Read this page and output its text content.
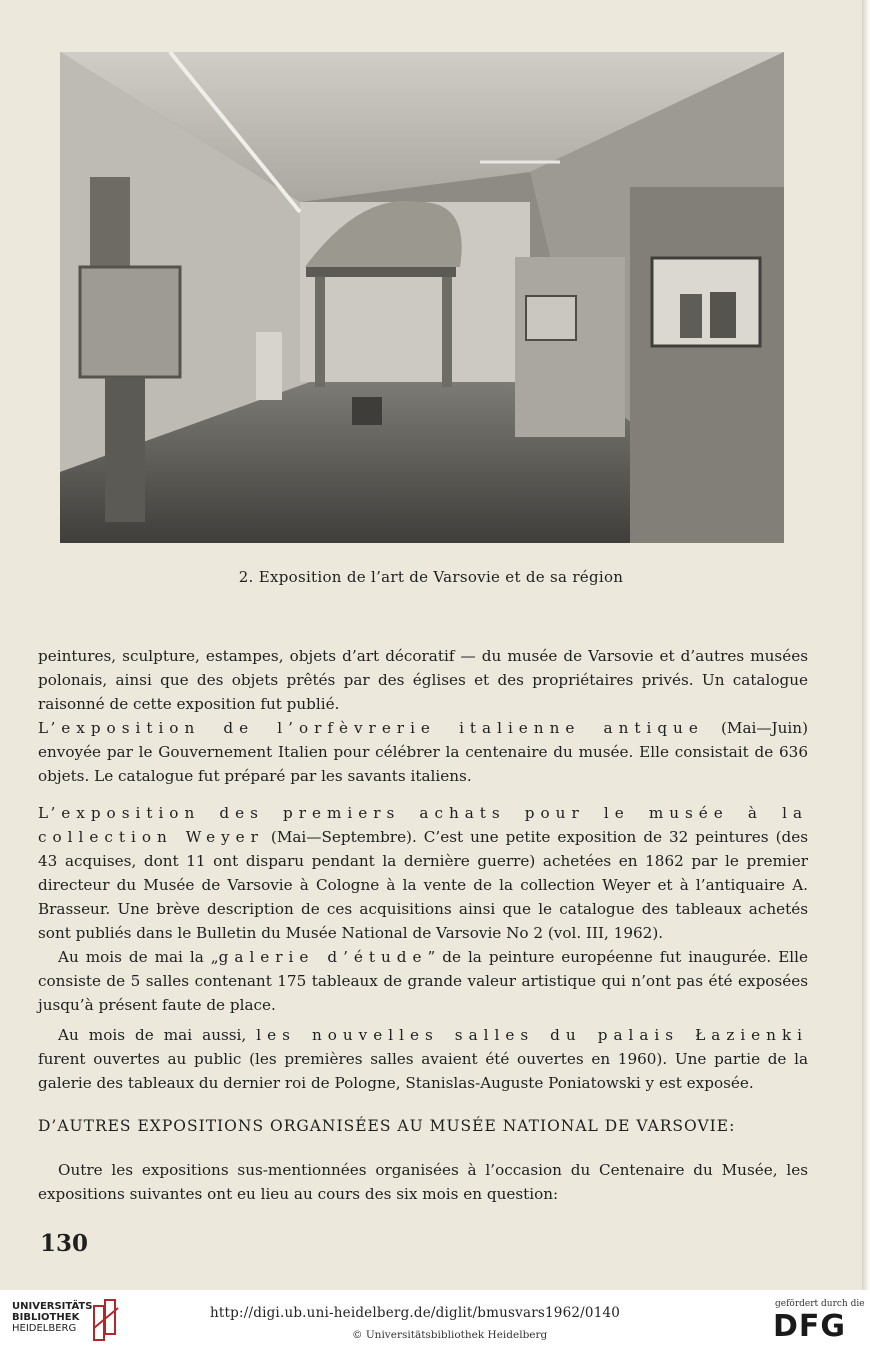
2. Exposition de l’art de Varsovie et de sa région

peintures, sculpture, estampes, objets d’art décoratif — du musée de Varsovie et d’autres musées polonais, ainsi que des objets prêtés par des églises et des propriétaires privés. Un catalogue raisonné de cette exposition fut publié.

L’exposition de l’orfèvrerie italienne antique (Mai—Juin) envoyée par le Gouvernement Italien pour célébrer la centenaire du musée. Elle consistait de 636 objets. Le catalogue fut préparé par les savants italiens.

L’exposition des premiers achats pour le musée à la collection Weyer (Mai—Septembre). C’est une petite exposition de 32 peintures (des 43 acquises, dont 11 ont disparu pendant la dernière guerre) achetées en 1862 par le premier directeur du Musée de Varsovie à Cologne à la vente de la collection Weyer et à l’antiquaire A. Brasseur. Une brève description de ces acquisitions ainsi que le catalogue des tableaux achetés sont publiés dans le Bulletin du Musée National de Varsovie No 2 (vol. III, 1962).

Au mois de mai la „galerie d’étude” de la peinture européenne fut inaugurée. Elle consiste de 5 salles contenant 175 tableaux de grande valeur artistique qui n’ont pas été exposées jusqu’à présent faute de place.

Au mois de mai aussi, les nouvelles salles du palais Łazienki furent ouvertes au public (les premières salles avaient été ouvertes en 1960). Une partie de la galerie des tableaux du dernier roi de Pologne, Stanislas-Auguste Poniatowski y est exposée.

D’AUTRES EXPOSITIONS ORGANISÉES AU MUSÉE NATIONAL DE VARSOVIE:

Outre les expositions sus-mentionnées organisées à l’occasion du Centenaire du Musée, les expositions suivantes ont eu lieu au cours des six mois en question:

130
UNIVERSITÄTS-
BIBLIOTHEK
HEIDELBERG
http://digi.ub.uni-heidelberg.de/diglit/bmusvars1962/0140
© Universitätsbibliothek Heidelberg
gefördert durch die
DFG
